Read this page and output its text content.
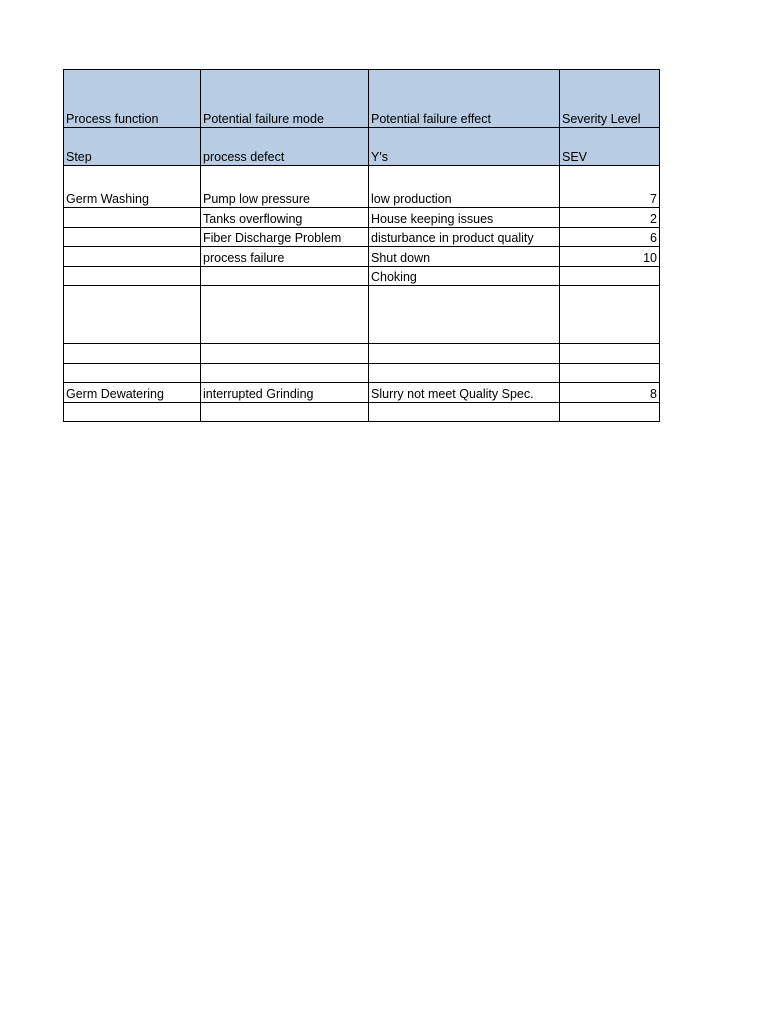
Process function	Potential failure mode	Potential failure effect	Severity Level
Step	process defect	Y's	SEV
Germ Washing	Pump low pressure	low production	7
	Tanks overflowing	House keeping issues	2
	Fiber Discharge Problem	disturbance in product quality	6
	process failure	Shut down	10
		Choking	

Germ Dewatering	interrupted Grinding	Slurry not meet Quality Spec.	8
